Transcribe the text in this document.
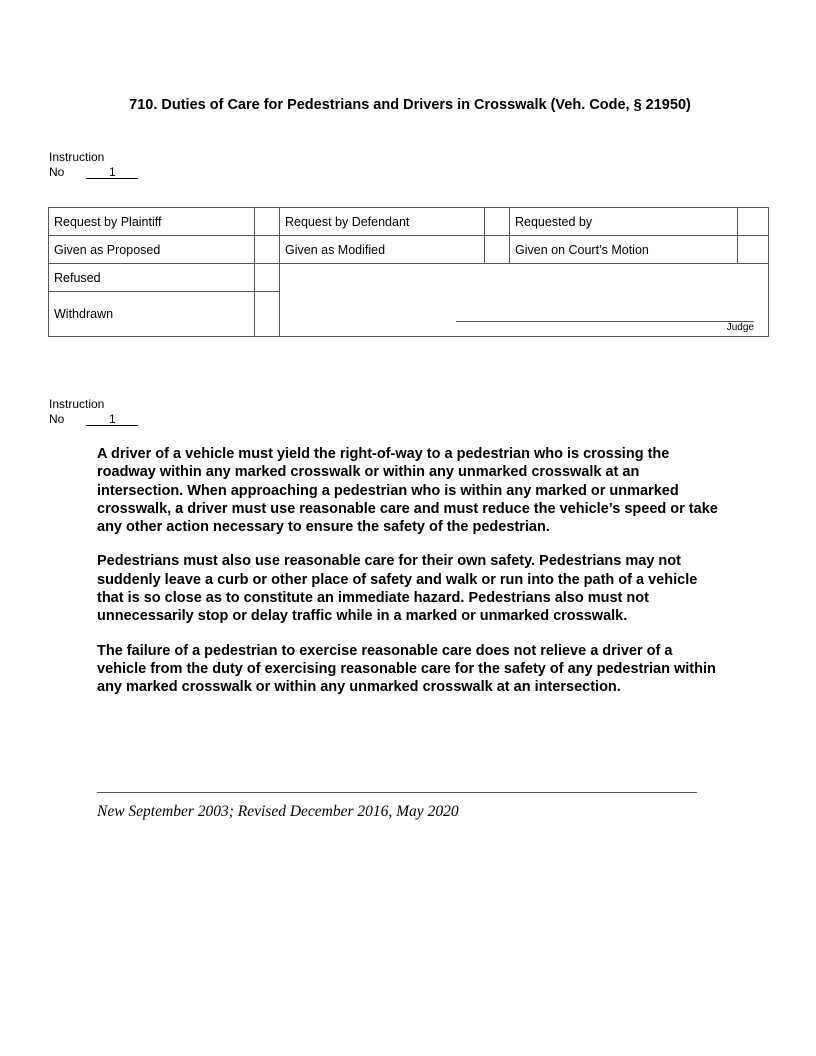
710. Duties of Care for Pedestrians and Drivers in Crosswalk (Veh. Code, § 21950)
Instruction
No	1
Request by Plaintiff		Request by Defendant		Requested by	
Given as Proposed		Given as Modified		Given on Court’s Motion	
Refused		Judge			

Withdrawn					
Instruction
No	1

A driver of a vehicle must yield the right-of-way to a pedestrian who is crossing the roadway within any marked crosswalk or within any unmarked crosswalk at an intersection. When approaching a pedestrian who is within any marked or unmarked crosswalk, a driver must use reasonable care and must reduce the vehicle’s speed or take any other action necessary to ensure the safety of the pedestrian.

Pedestrians must also use reasonable care for their own safety. Pedestrians may not suddenly leave a curb or other place of safety and walk or run into the path of a vehicle that is so close as to constitute an immediate hazard. Pedestrians also must not unnecessarily stop or delay traffic while in a marked or unmarked crosswalk.

The failure of a pedestrian to exercise reasonable care does not relieve a driver of a vehicle from the duty of exercising reasonable care for the safety of any pedestrian within any marked crosswalk or within any unmarked crosswalk at an intersection.

New September 2003; Revised December 2016, May 2020
